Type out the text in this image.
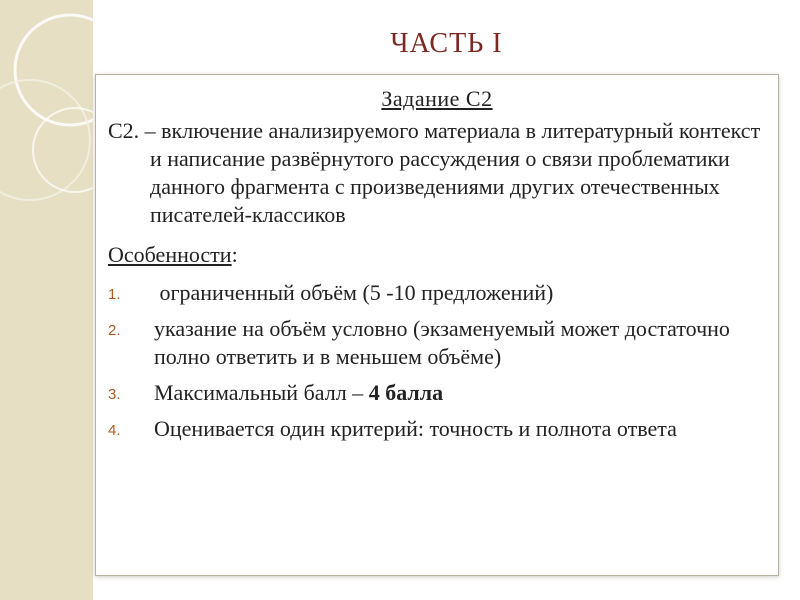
ЧАСТЬ I
Задание С2
С2. – включение анализируемого материала в литературный контекст и написание развёрнутого рассуждения о связи проблематики данного фрагмента с произведениями других отечественных писателей-классиков
Особенности:
1. ограниченный объём (5 -10 предложений)
2. указание на объём условно (экзаменуемый может достаточно полно ответить и в меньшем объёме)
3. Максимальный балл – 4 балла
4. Оценивается один критерий: точность и полнота ответа
